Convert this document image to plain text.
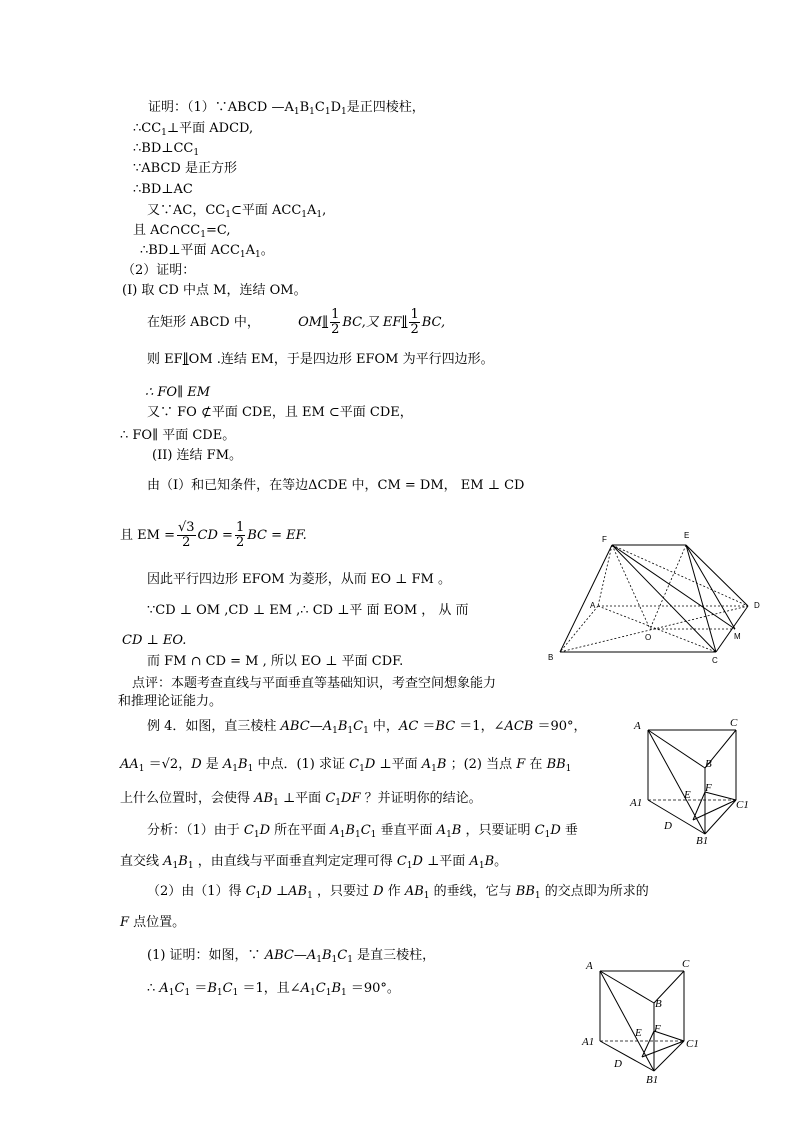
证明：（1）∵ABCD $—A_1B_1C_1D_1$是正四棱柱，
$\therefore CC_1\perp$平面 ADCD,
$\therefore BD\perp CC_1$
∵ABCD 是正方形
∴BD⊥AC
又∵AC，$CC_1\subset$平面 $ACC_1A_1$,
且 $AC\cap CC_1=C$,
∴BD⊥平面 $ACC_1A_1$。
（2）证明：
(I) 取 CD 中点 M，连结 OM。
在矩形 ABCD 中，	OM∥ $\frac{1}{2}$ BC,又 EF∥ $\frac{1}{2}$ BC,
则 EF∥OM .连结 EM，于是四边形 EFOM 为平行四边形。
∴ FO∥ EM
又∵ FO ⊄平面 CDE，且 EM ⊂平面 CDE，
∴ FO∥ 平面 CDE。
(II) 连结 FM。
由（I）和已知条件，在等边ΔCDE 中，CM = DM， EM ⊥ CD
且 EM = $\frac{√3}{2}$ CD = $\frac{1}{2}$ BC = EF.
因此平行四边形 EFOM 为菱形，从而 EO ⊥ FM 。
∵CD ⊥ OM ,CD ⊥ EM ,∴ CD ⊥平 面 EOM ， 从 而
CD ⊥ EO.
而 FM ∩ CD = M , 所以 EO ⊥ 平面 CDF.
点评：本题考查直线与平面垂直等基础知识，考查空间想象能力
和推理论证能力。
例 4．如图，直三棱柱 $ABC—A_1B_1C_1$ 中，AC ＝BC ＝1，∠ACB ＝90°，
$AA_1 =√2$，D 是 $A_1B_1$ 中点．(1) 求证 $C_1D$ ⊥平面 $A_1B$ ；(2) 当点 F 在 $BB_1$
上什么位置时，会使得 $AB_1$ ⊥平面 $C_1DF$ ？并证明你的结论。
分析：（1）由于 $C_1D$ 所在平面 $A_1B_1C_1$ 垂直平面 $A_1B$ ，只要证明 $C_1D$ 垂
直交线 $A_1B_1$ ，由直线与平面垂直判定定理可得 $C_1D$ ⊥平面 $A_1B$。
（2）由（1）得 $C_1D$ $\perp AB_1$ ，只要过 D 作 $AB_1$ 的垂线，它与 $BB_1$ 的交点即为所求的
F 点位置。
(1) 证明：如图，∵ $ABC—A_1B_1C_1$ 是直三棱柱，
∴ $A_1C_1 =B_1C_1 =1$，且$\angle A_1C_1B_1 =90^\circ$。
F	E
A	D
O	M
B	C
A	C
B
E
F
A1	C1
D
B1
A	C
B
E F
A1	C1
D
B1
